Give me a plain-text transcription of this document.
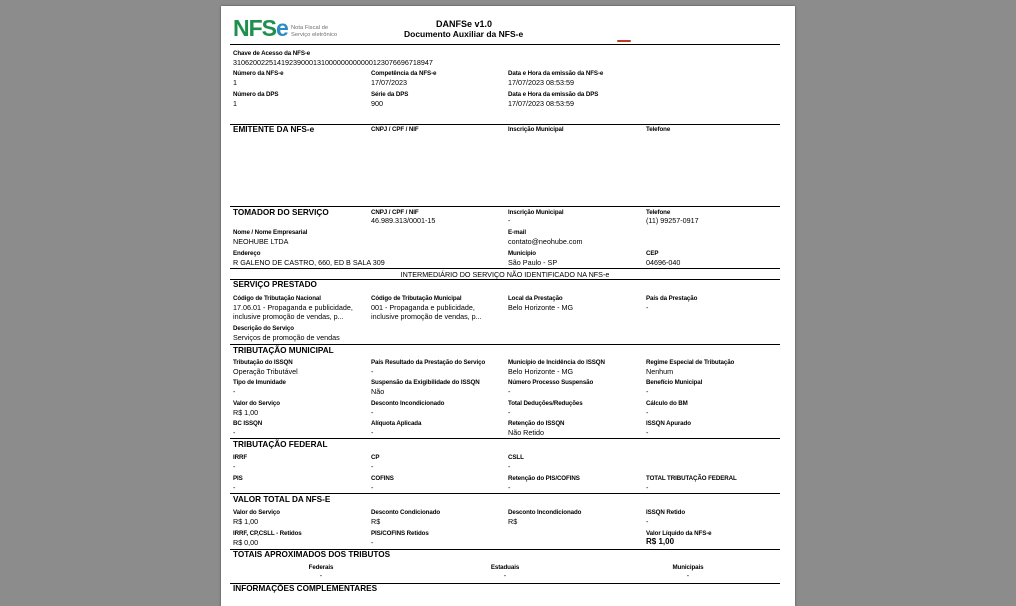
NFSe Nota Fiscal de
Serviço eletrônico
DANFSe v1.0
Documento Auxiliar da NFS-e
Chave de Acesso da NFS-e
31062002251419239000131000000000000123076696718947
Número da NFS-e
1
Competência da NFS-e
17/07/2023
Data e Hora da emissão da NFS-e
17/07/2023 08:53:59
Número da DPS
1
Série da DPS
900
Data e Hora da emissão da DPS
17/07/2023 08:53:59
EMITENTE DA NFS-e	CNPJ / CPF / NIF	Inscrição Municipal	Telefone
TOMADOR DO SERVIÇO	CNPJ / CPF / NIF
46.989.313/0001-15
Inscrição Municipal
-
Telefone
(11) 99257-0917
Nome / Nome Empresarial
NEOHUBE LTDA
E-mail
contato@neohube.com
Endereço
R GALENO DE CASTRO, 660, ED B SALA 309
Município
São Paulo - SP
CEP
04696-040
INTERMEDIÁRIO DO SERVIÇO NÃO IDENTIFICADO NA NFS-e
SERVIÇO PRESTADO
Código de Tributação Nacional
17.06.01 - Propaganda e publicidade,
inclusive promoção de vendas, p...
Código de Tributação Municipal
001 - Propaganda e publicidade,
inclusive promoção de vendas, p...
Local da Prestação
Belo Horizonte - MG
País da Prestação
-
Descrição do Serviço
Serviços de promoção de vendas
TRIBUTAÇÃO MUNICIPAL
Tributação do ISSQN
Operação Tributável
País Resultado da Prestação do Serviço
-
Município de Incidência do ISSQN
Belo Horizonte - MG
Regime Especial de Tributação
Nenhum
Tipo de Imunidade
-
Suspensão da Exigibilidade do ISSQN
Não
Número Processo Suspensão
-
Benefício Municipal
-
Valor do Serviço
R$ 1,00
Desconto Incondicionado
-
Total Deduções/Reduções
-
Cálculo do BM
-
BC ISSQN
-
Alíquota Aplicada
-
Retenção do ISSQN
Não Retido
ISSQN Apurado
-
TRIBUTAÇÃO FEDERAL
IRRF
-
CP
-
CSLL
-
PIS
-
COFINS
-
Retenção do PIS/COFINS
-
TOTAL TRIBUTAÇÃO FEDERAL
-
VALOR TOTAL DA NFS-E
Valor do Serviço
R$ 1,00
Desconto Condicionado
R$
Desconto Incondicionado
R$
ISSQN Retido
-
IRRF, CP,CSLL - Retidos
R$ 0,00
PIS/COFINS Retidos
-
Valor Líquido da NFS-e
R$ 1,00
TOTAIS APROXIMADOS DOS TRIBUTOS
Federais
-
Estaduais
-
Municipais
-
INFORMAÇÕES COMPLEMENTARES
